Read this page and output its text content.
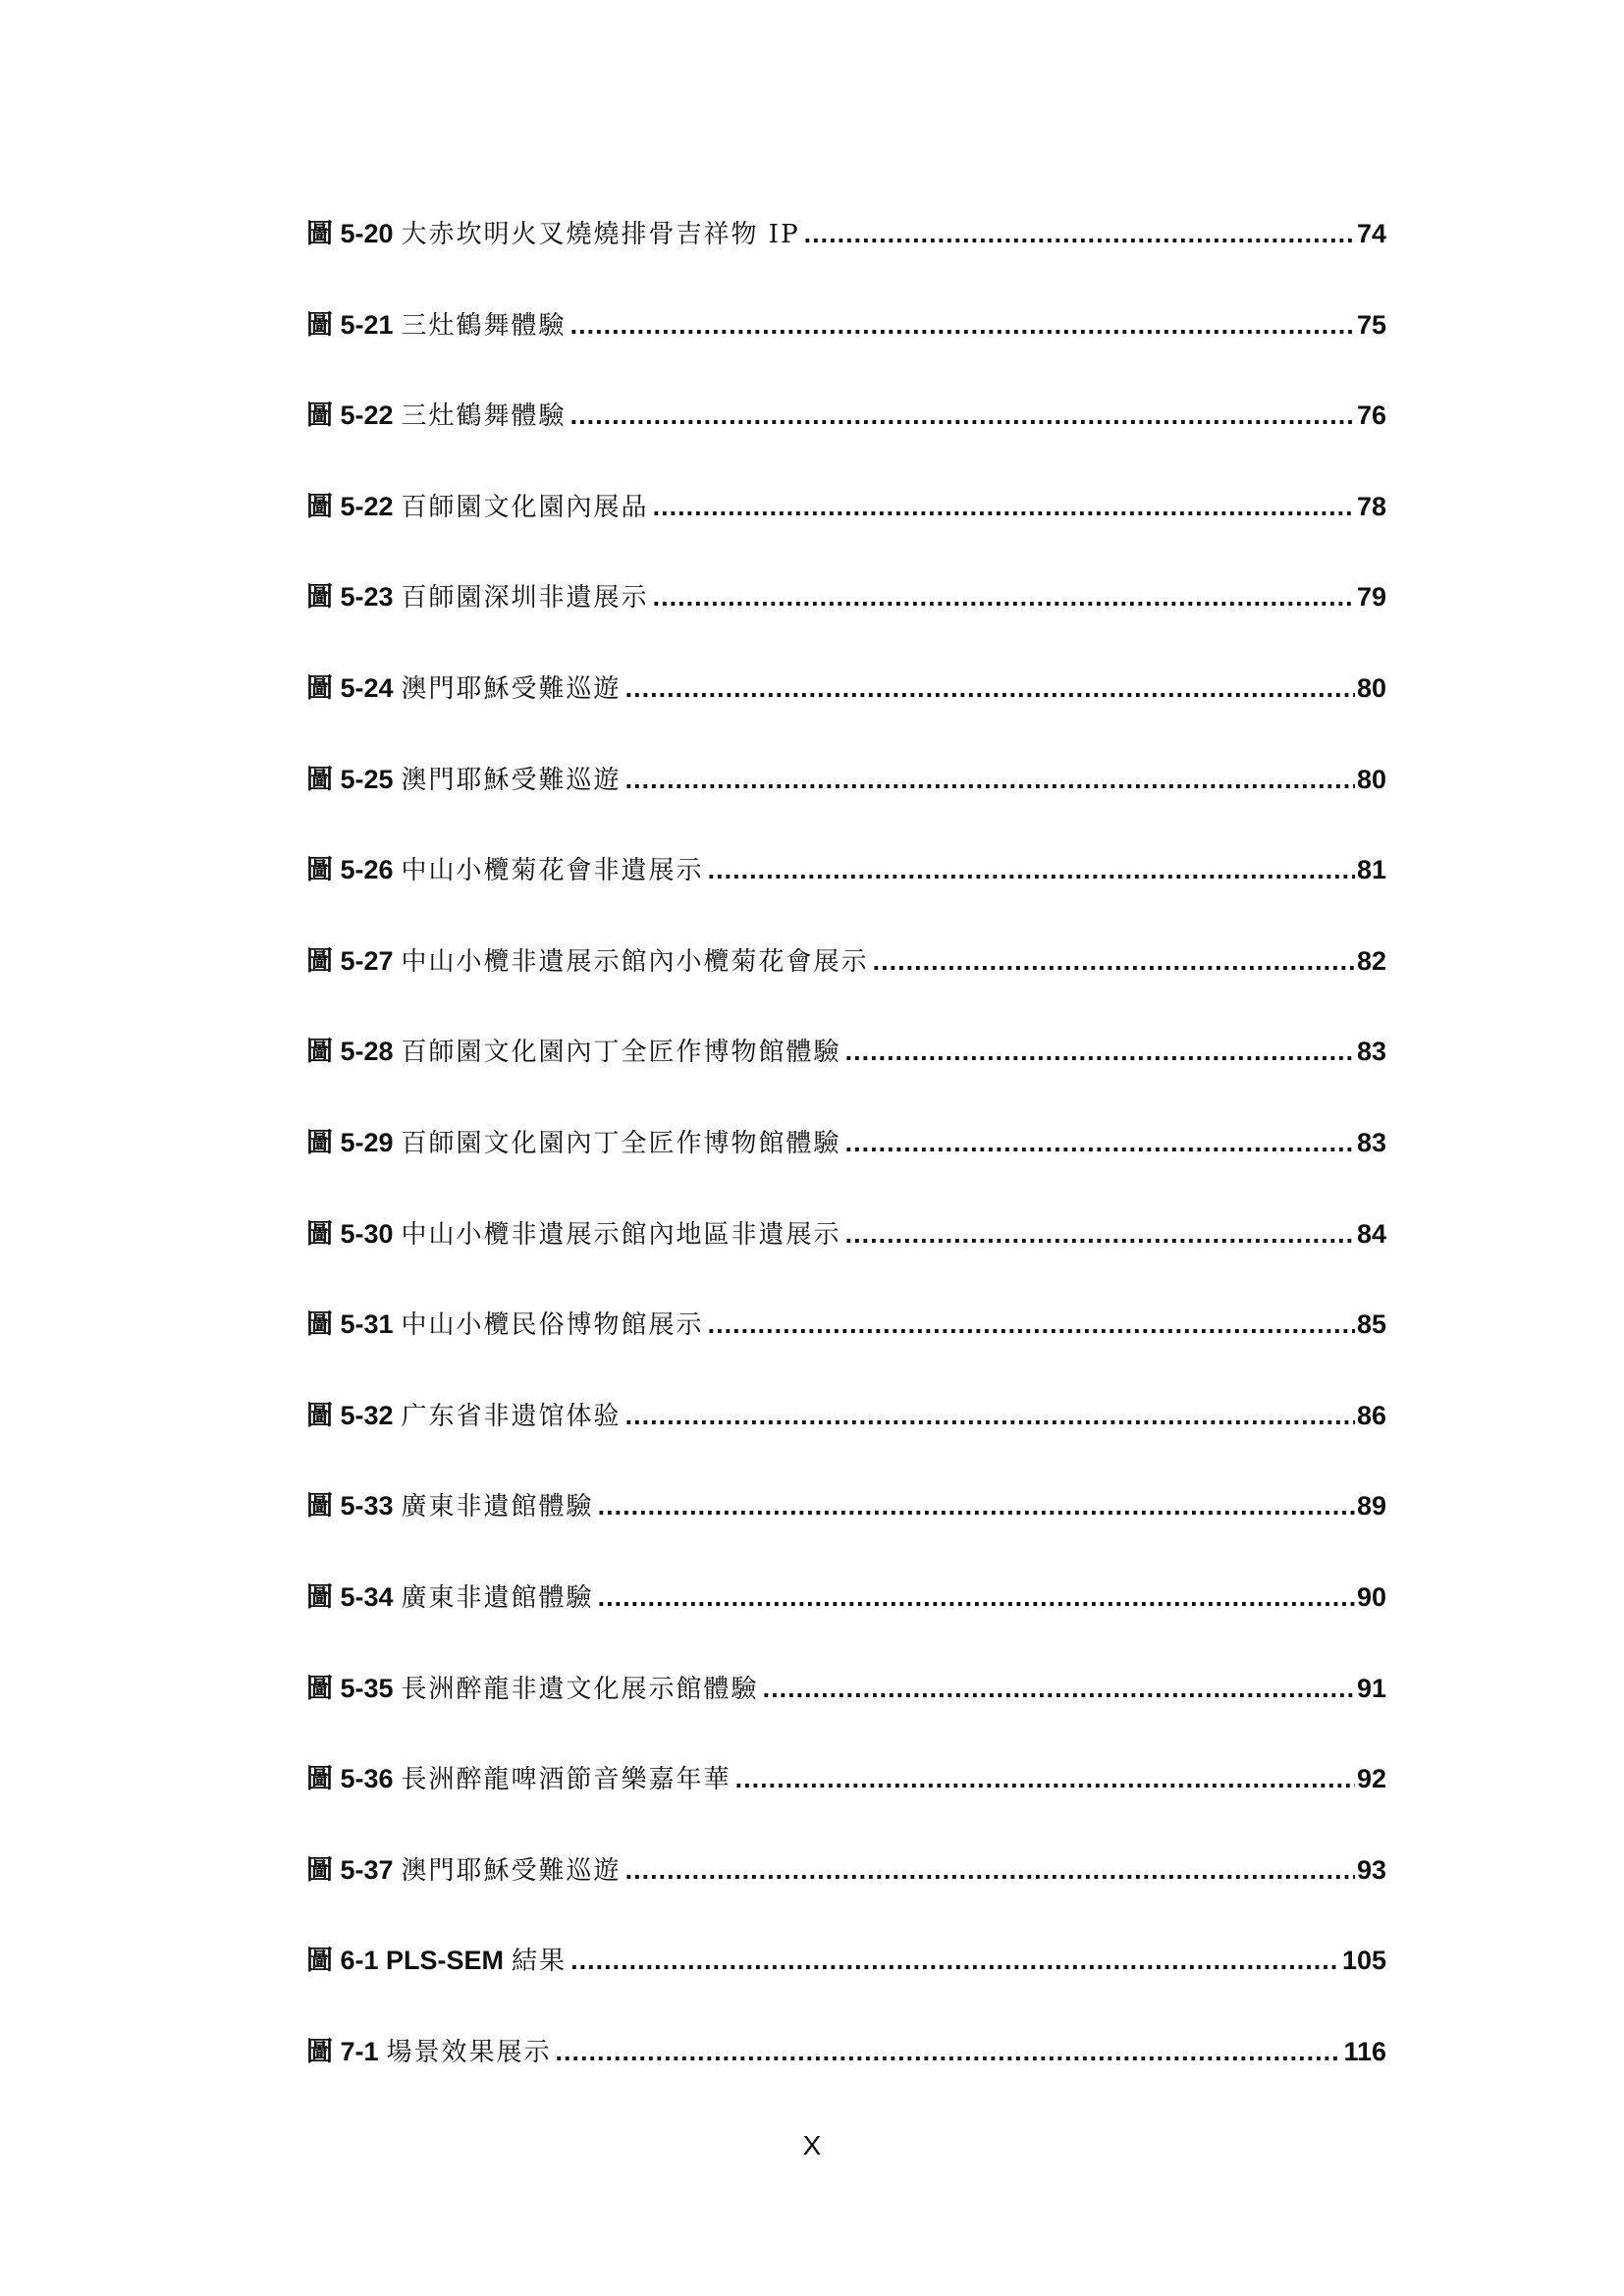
圖 5-20 大赤坎明火叉燒燒排骨吉祥物 IP .....	74
圖 5-21 三灶鶴舞體驗 .....	75
圖 5-22 三灶鶴舞體驗 .....	76
圖 5-22 百師園文化園內展品 .....	78
圖 5-23 百師園深圳非遺展示 .....	79
圖 5-24 澳門耶穌受難巡遊 .....	80
圖 5-25 澳門耶穌受難巡遊 .....	80
圖 5-26 中山小欖菊花會非遺展示 .....	81
圖 5-27 中山小欖非遺展示館內小欖菊花會展示 .....	82
圖 5-28 百師園文化園內丁全匠作博物館體驗 .....	83
圖 5-29 百師園文化園內丁全匠作博物館體驗 .....	83
圖 5-30 中山小欖非遺展示館內地區非遺展示 .....	84
圖 5-31 中山小欖民俗博物館展示 .....	85
圖 5-32 广东省非遗馆体验 .....	86
圖 5-33 廣東非遺館體驗 .....	89
圖 5-34 廣東非遺館體驗 .....	90
圖 5-35 長洲醉龍非遺文化展示館體驗 .....	91
圖 5-36 長洲醉龍啤酒節音樂嘉年華 .....	92
圖 5-37 澳門耶穌受難巡遊 .....	93
圖 6-1 PLS-SEM 結果 .....	105
圖 7-1 場景效果展示 .....	116
X
